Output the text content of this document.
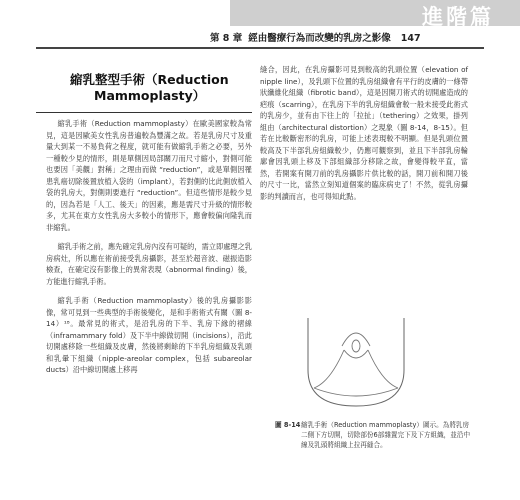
進階篇
第 8 章 經由醫療行為而改變的乳房之影像 147
縮乳整型手術（Reduction
Mammoplasty）

縮乳手術（Reduction mammoplasty）在歐美國家較為常見，這是因歐美女性乳房普遍較為豐滿之故。若是乳房尺寸及重量大到某一不易負荷之程度，就可能有做縮乳手術之必要，另外一種較少見的情形，則是單側因局部關刀而尺寸縮小，對側可能也要因「美觀」對稱」之理由而做 “reduction”，或是單側因罹患乳癌切除後置放植入袋的（implant），若對側的比此側放植入袋的乳房大，對側則要進行 “reduction”。但這些情形是較少見的，因為若是「人工、後天」的因素，應是需尺寸升級的情形較多，尤其在東方女性乳房大多較小的情形下，應會較偏向隆乳而非縮乳。

縮乳手術之前，應先確定乳房內沒有可疑的，需立即處理之乳房病灶，所以應在術前接受乳房攝影，甚至於超音波、磁振造影檢查，在確定沒有影像上的異常表現（abnormal finding）後，方能進行縮乳手術。

縮乳手術（Reduction mammoplasty）後的乳房攝影影像，常可見到一些典型的手術後變化，是和手術術式有關（圖 8-14）¹⁸。最常見的術式，是沿乳房的下半、乳房下緣的褶線（inframammary fold）及下半中線做切開（incisions），沿此切開處移除一些組織及皮膚，然後將剩餘的下半乳房組織及乳頭和乳暈下組織（nipple-areolar complex，包括 subareolar ducts）沿中線切開處上移再

縫合，因此，在乳房攝影可見到較高的乳頭位置（elevation of nipple line），及乳頭下位置的乳房組織會有平行的皮膚的一條帶狀纖維化組織（fibrotic band），這是因開刀術式的切開處造成的疤痕（scarring），在乳房下半的乳房組織會較一般未接受此術式的乳房少，並有由下往上的「拉扯」（tethering）之效果，掛列組由（architectural distortion）之現象（圖 8-14，8-15）。但若在比較斷密形的乳房，可能上述表現較不明顯。但是乳頭位置較高及下半部乳房組織較少，仍應可觀察到，並且下半部乳房輪廓會因乳頭上移及下部組織部分移除之故，會變得較平直，當然，若開案有開刀前的乳房攝影片供比較的話，開刀前和開刀後的尺寸一比，當然立刻知道個案的臨床病史了！不然，從乳房攝影的判讀而言，也可得知此點。

圖 8-14 縮乳手術（Reduction mammoplasty）圖示。為將乳房二側下方切開，切除部份6部雜置完下及下方組織，並沿中線及乳頭將組織上拉再縫合。
